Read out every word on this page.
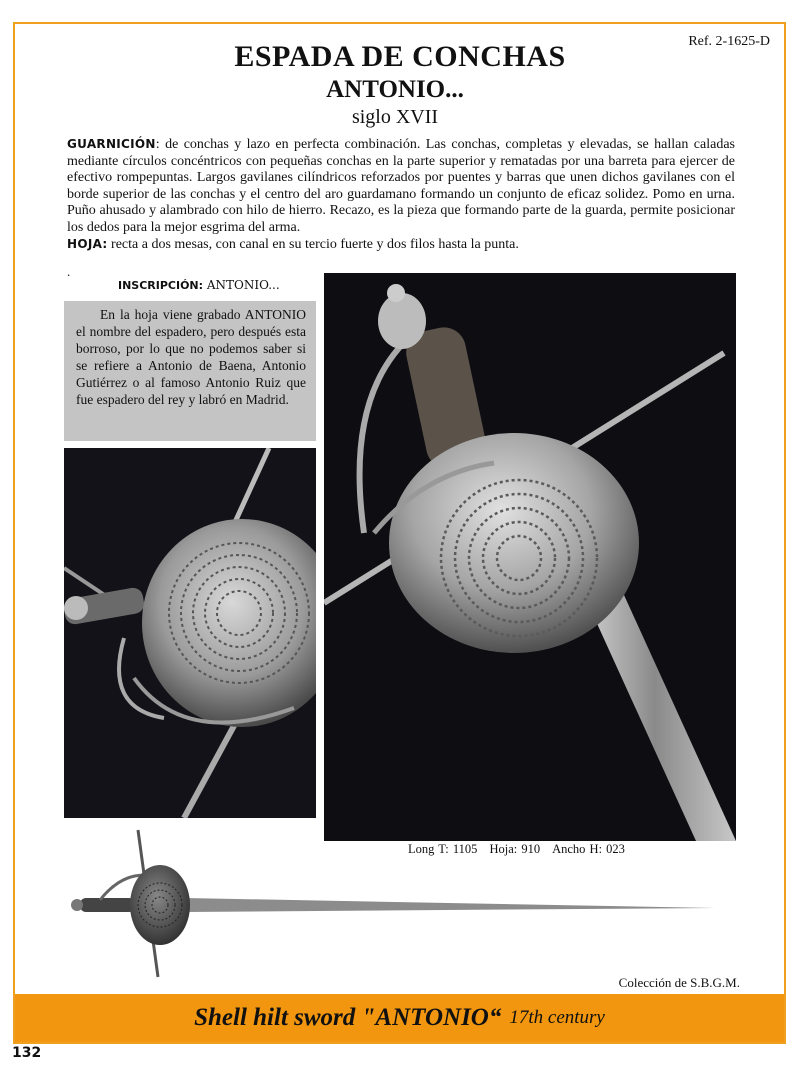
Ref. 2-1625-D
ESPADA DE CONCHAS
ANTONIO...
siglo XVII
GUARNICIÓN: de conchas y lazo en perfecta combinación. Las conchas, completas y elevadas, se hallan caladas mediante círculos concéntricos con pequeñas conchas en la parte superior y rematadas por una barreta para ejercer de efectivo rompepuntas. Largos gavilanes cilíndricos reforzados por puentes y barras que unen dichos gavilanes con el borde superior de las conchas y el centro del aro guardamano formando un conjunto de eficaz solidez. Pomo en urna. Puño ahusado y alambrado con hilo de hierro. Recazo, es la pieza que formando parte de la guarda, permite posicionar los dedos para la mejor esgrima del arma.
HOJA: recta a dos mesas, con canal en su tercio fuerte y dos filos hasta la punta.
.
INSCRIPCIÓN: ANTONIO...
En la hoja viene grabado ANTONIO el nombre del espadero, pero después esta borroso, por lo que no podemos saber si se refiere a Antonio de Baena, Antonio Gutiérrez o al famoso Antonio Ruiz que fue espadero del rey y labró en Madrid.
Long T: 1105 Hoja: 910 Ancho H: 023
Colección de S.B.G.M.
Shell hilt sword "ANTONIO“ 17th century
132
